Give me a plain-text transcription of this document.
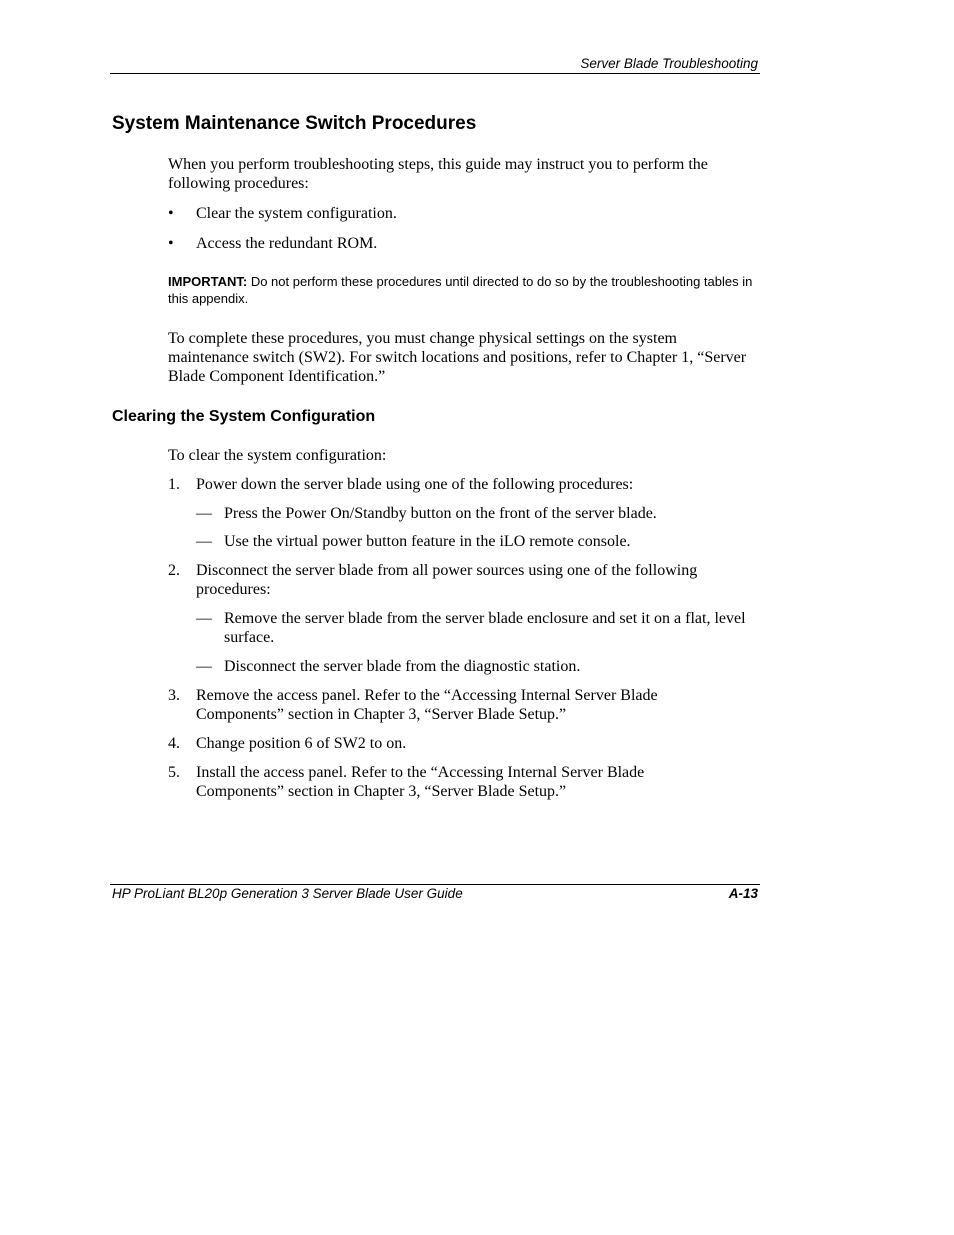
Server Blade Troubleshooting
System Maintenance Switch Procedures
When you perform troubleshooting steps, this guide may instruct you to perform the following procedures:
• Clear the system configuration.
• Access the redundant ROM.
IMPORTANT: Do not perform these procedures until directed to do so by the troubleshooting tables in this appendix.
To complete these procedures, you must change physical settings on the system maintenance switch (SW2). For switch locations and positions, refer to Chapter 1, “Server Blade Component Identification.”
Clearing the System Configuration
To clear the system configuration:
1. Power down the server blade using one of the following procedures:
— Press the Power On/Standby button on the front of the server blade.
— Use the virtual power button feature in the iLO remote console.
2. Disconnect the server blade from all power sources using one of the following procedures:
— Remove the server blade from the server blade enclosure and set it on a flat, level surface.
— Disconnect the server blade from the diagnostic station.
3. Remove the access panel. Refer to the “Accessing Internal Server Blade Components” section in Chapter 3, “Server Blade Setup.”
4. Change position 6 of SW2 to on.
5. Install the access panel. Refer to the “Accessing Internal Server Blade Components” section in Chapter 3, “Server Blade Setup.”
HP ProLiant BL20p Generation 3 Server Blade User Guide	A-13
